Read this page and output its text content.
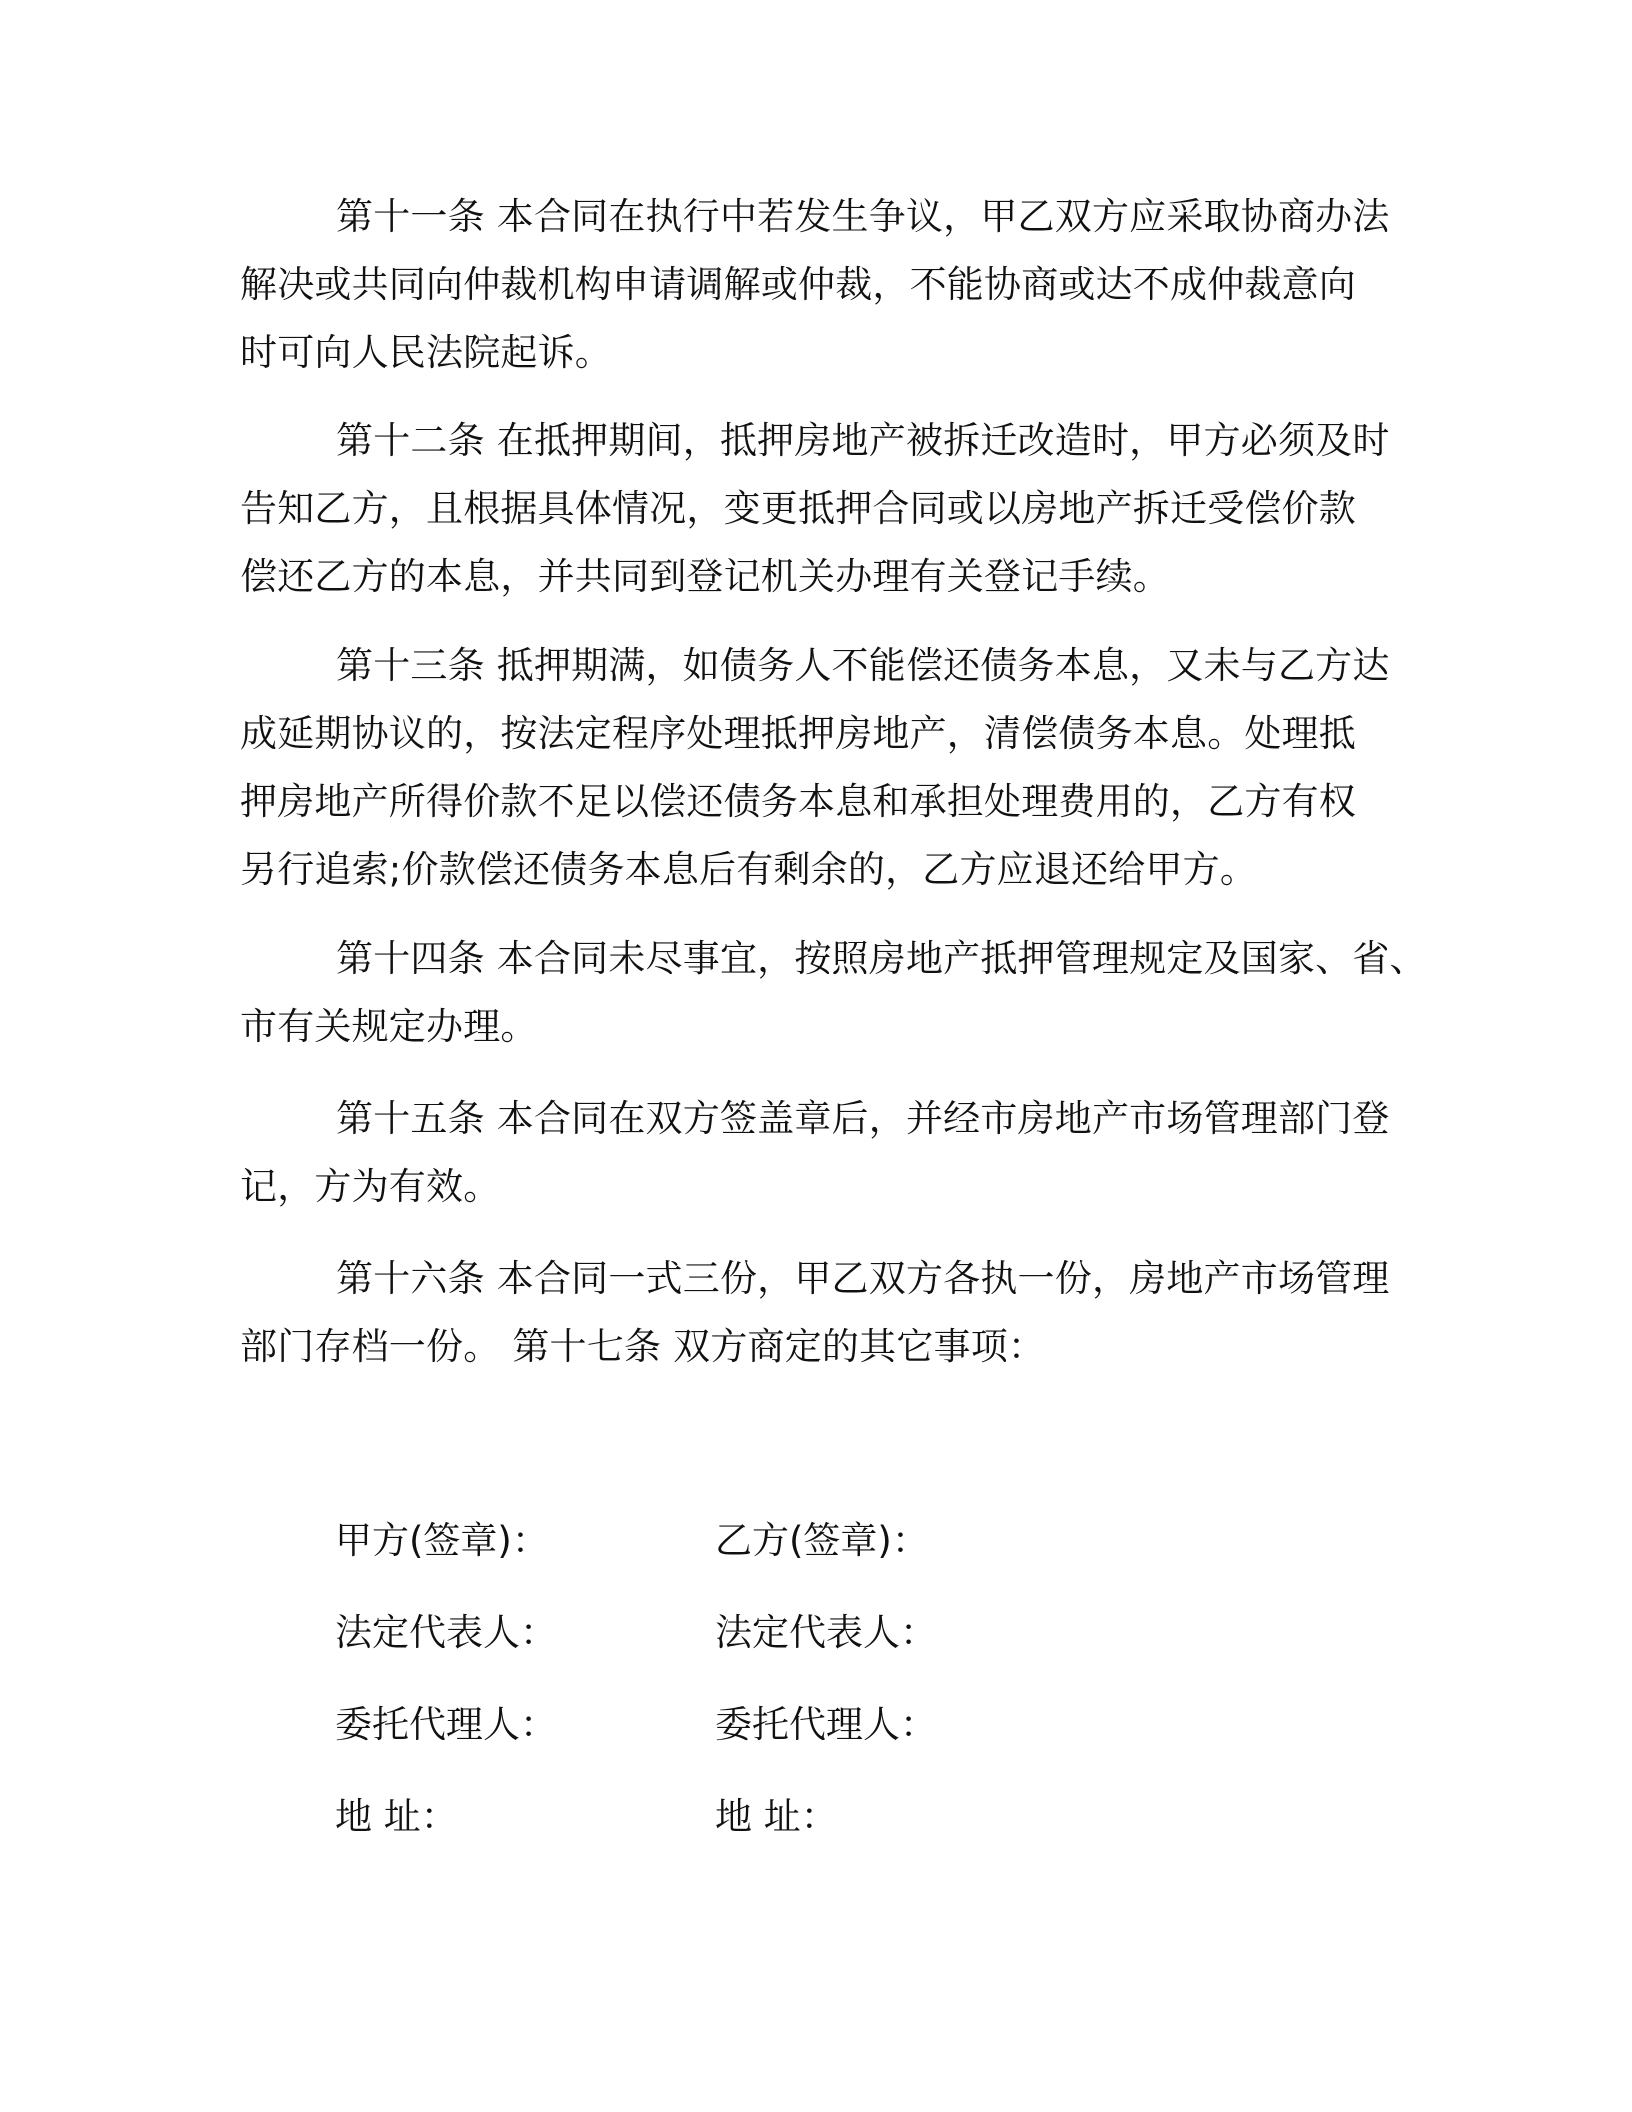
第十一条 本合同在执行中若发生争议，甲乙双方应采取协商办法
解决或共同向仲裁机构申请调解或仲裁，不能协商或达不成仲裁意向
时可向人民法院起诉。
第十二条 在抵押期间，抵押房地产被拆迁改造时，甲方必须及时
告知乙方，且根据具体情况，变更抵押合同或以房地产拆迁受偿价款
偿还乙方的本息，并共同到登记机关办理有关登记手续。
第十三条 抵押期满，如债务人不能偿还债务本息，又未与乙方达
成延期协议的，按法定程序处理抵押房地产，清偿债务本息。处理抵
押房地产所得价款不足以偿还债务本息和承担处理费用的，乙方有权
另行追索;价款偿还债务本息后有剩余的，乙方应退还给甲方。
第十四条 本合同未尽事宜，按照房地产抵押管理规定及国家、省、
市有关规定办理。
第十五条 本合同在双方签盖章后，并经市房地产市场管理部门登
记，方为有效。
第十六条 本合同一式三份，甲乙双方各执一份，房地产市场管理
部门存档一份。 第十七条 双方商定的其它事项：
甲方(签章)：	乙方(签章)：
法定代表人：	法定代表人：
委托代理人：	委托代理人：
地 址：	地 址：
